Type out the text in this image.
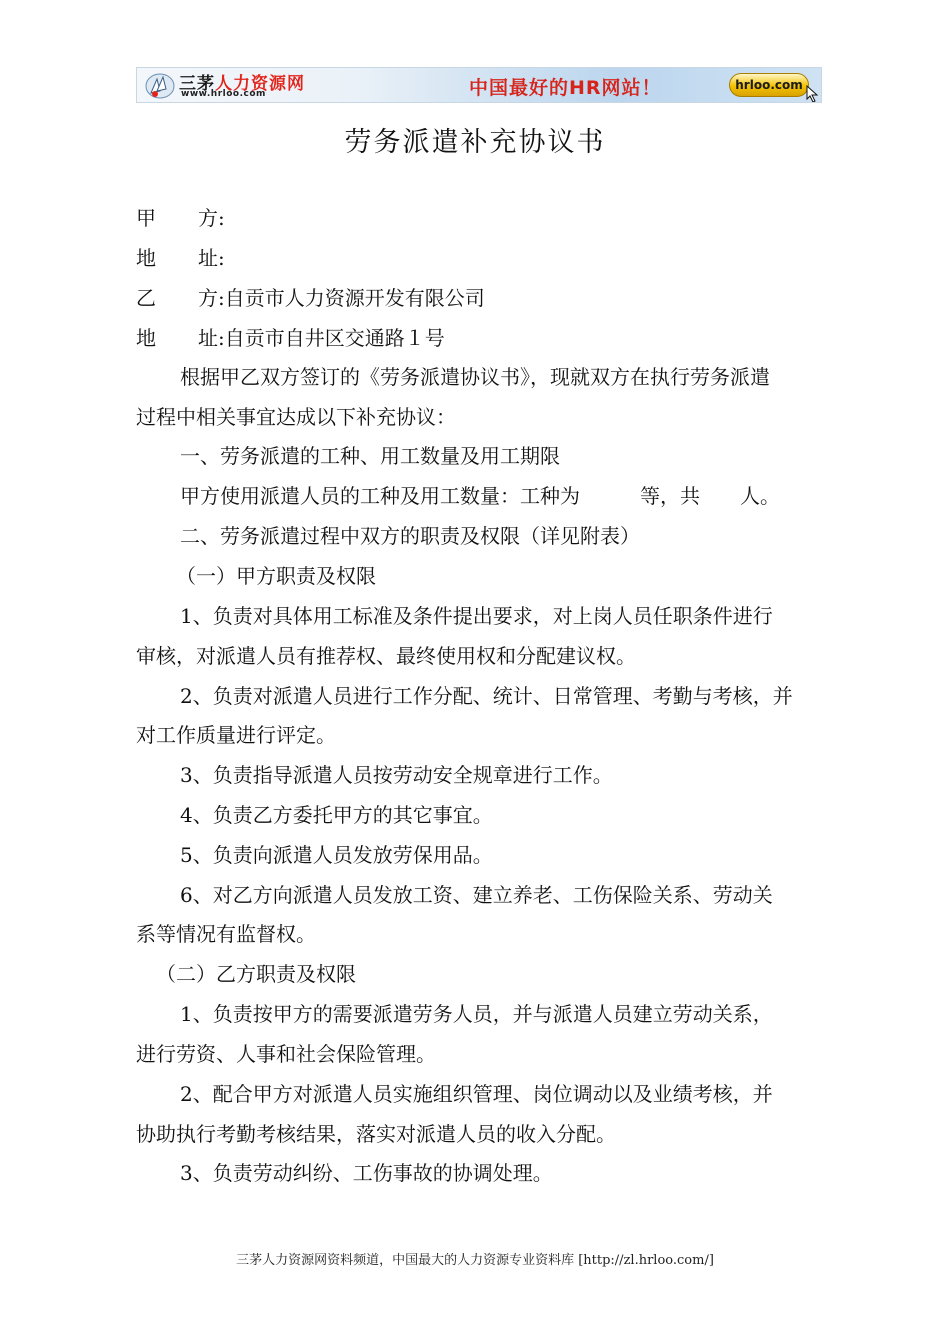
三茅人力资源网
www.hrloo.com	中国最好的HR网站！	hrloo.com
劳务派遣补充协议书
甲 方:
地 址:
乙 方:自贡市人力资源开发有限公司
地 址:自贡市自井区交通路１号
根据甲乙双方签订的《劳务派遣协议书》，现就双方在执行劳务派遣
过程中相关事宜达成以下补充协议：
一、劳务派遣的工种、用工数量及用工期限
甲方使用派遣人员的工种及用工数量：工种为　　　等，共　　人。
二、劳务派遣过程中双方的职责及权限（详见附表）
（一）甲方职责及权限
1、负责对具体用工标准及条件提出要求，对上岗人员任职条件进行
审核，对派遣人员有推荐权、最终使用权和分配建议权。
2、负责对派遣人员进行工作分配、统计、日常管理、考勤与考核，并
对工作质量进行评定。
3、负责指导派遣人员按劳动安全规章进行工作。
4、负责乙方委托甲方的其它事宜。
5、负责向派遣人员发放劳保用品。
6、对乙方向派遣人员发放工资、建立养老、工伤保险关系、劳动关
系等情况有监督权。
（二）乙方职责及权限
1、负责按甲方的需要派遣劳务人员，并与派遣人员建立劳动关系，
进行劳资、人事和社会保险管理。
2、配合甲方对派遣人员实施组织管理、岗位调动以及业绩考核，并
协助执行考勤考核结果，落实对派遣人员的收入分配。
3、负责劳动纠纷、工伤事故的协调处理。
三茅人力资源网资料频道，中国最大的人力资源专业资料库 [http://zl.hrloo.com/]
